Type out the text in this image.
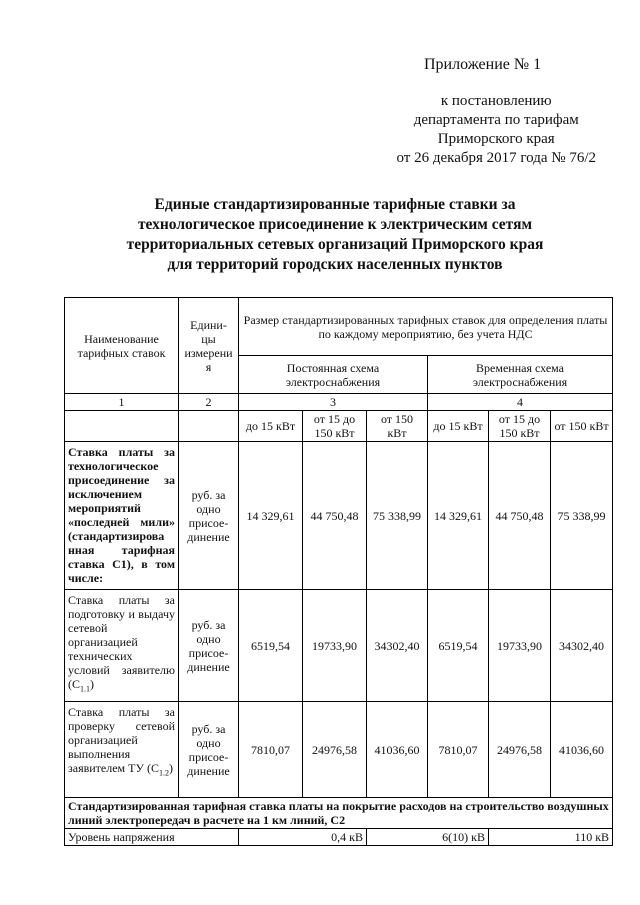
Приложение № 1
к постановлению
департамента по тарифам
Приморского края
от 26 декабря 2017 года № 76/2
Единые стандартизированные тарифные ставки за
технологическое присоединение к электрическим сетям
территориальных сетевых организаций Приморского края
для территорий городских населенных пунктов
Наименование тарифных ставок	Едини- цы измерени я	Размер стандартизированных тарифных ставок для определения платы по каждому мероприятию, без учета НДС					
		Постоянная схема электроснабжения			Временная схема электроснабжения		
1	2	3			4		
		до 15 кВт	от 15 до 150 кВт	от 150 кВт	до 15 кВт	от 15 до 150 кВт	от 150 кВт
Ставка платы за технологическое присоединение за исключением мероприятий «последней мили» (стандартизирова нная тарифная ставка С1), в том числе:	руб. за одно присое- динение	14 329,61	44 750,48	75 338,99	14 329,61	44 750,48	75 338,99
Ставка платы за подготовку и выдачу сетевой организацией технических условий заявителю $(С_{1.1})$	руб. за одно присое- динение	6519,54	19733,90	34302,40	6519,54	19733,90	34302,40
Ставка платы за проверку сетевой организацией выполнения заявителем ТУ $(С_{1.2})$	руб. за одно присое- динение	7810,07	24976,58	41036,60	7810,07	24976,58	41036,60
Стандартизированная тарифная ставка платы на покрытие расходов на строительство воздушных линий электропередач в расчете на 1 км линий, С2							
Уровень напряжения		0,4 кВ		6(10) кВ		110 кВ	
